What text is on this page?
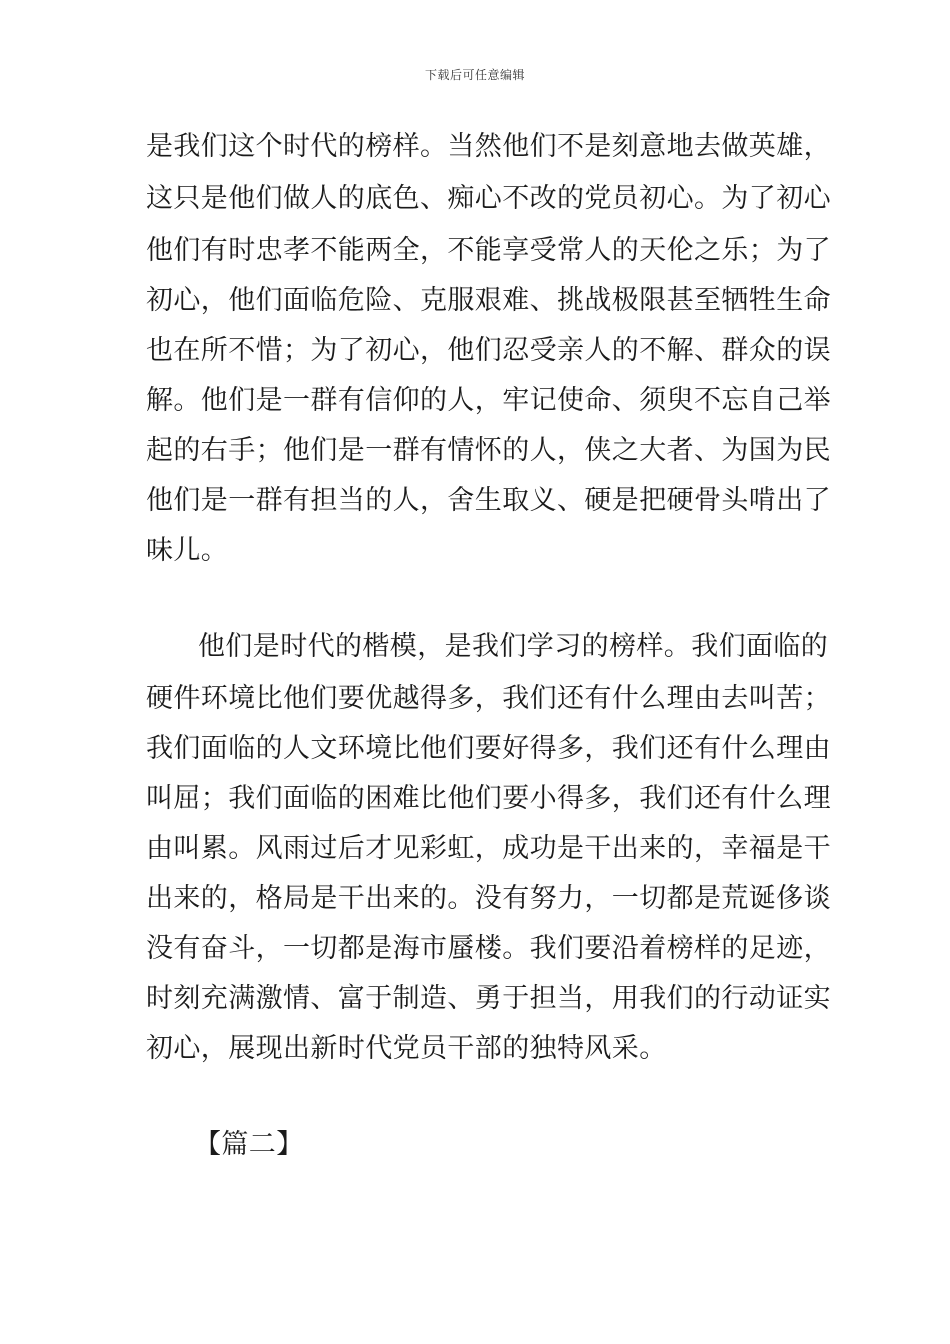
下载后可任意编辑
是我们这个时代的榜样。当然他们不是刻意地去做英雄，
这只是他们做人的底色、痴心不改的党员初心。为了初心
他们有时忠孝不能两全，不能享受常人的天伦之乐；为了
初心，他们面临危险、克服艰难、挑战极限甚至牺牲生命
也在所不惜；为了初心，他们忍受亲人的不解、群众的误
解。他们是一群有信仰的人，牢记使命、须臾不忘自己举
起的右手；他们是一群有情怀的人，侠之大者、为国为民
他们是一群有担当的人，舍生取义、硬是把硬骨头啃出了
味儿。
他们是时代的楷模，是我们学习的榜样。我们面临的
硬件环境比他们要优越得多，我们还有什么理由去叫苦；
我们面临的人文环境比他们要好得多，我们还有什么理由
叫屈；我们面临的困难比他们要小得多，我们还有什么理
由叫累。风雨过后才见彩虹，成功是干出来的，幸福是干
出来的，格局是干出来的。没有努力，一切都是荒诞侈谈
没有奋斗，一切都是海市蜃楼。我们要沿着榜样的足迹，
时刻充满激情、富于制造、勇于担当，用我们的行动证实
初心，展现出新时代党员干部的独特风采。
【篇二】
